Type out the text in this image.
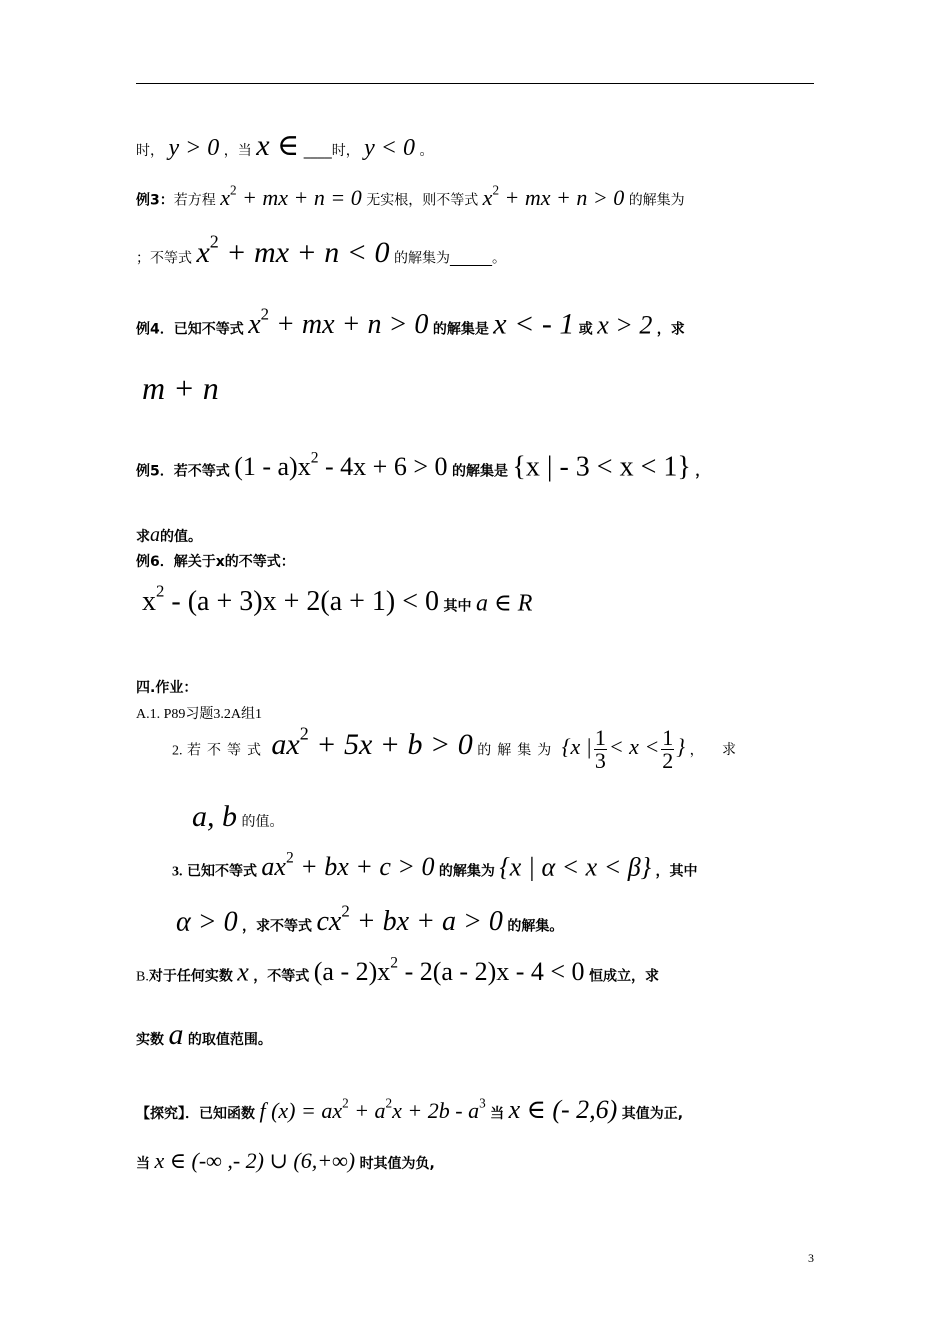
时， y > 0 ，当 x ∈ ____时， y < 0 。
例3：若方程 $x^2$ + mx + n = 0 无实根，则不等式 $x^2$ + mx + n > 0 的解集为
；不等式 $x^2$ + mx + n < 0 的解集为______。
例4．已知不等式 $x^2$ + mx + n > 0 的解集是 x < - 1 或 x > 2 ，求
m + n
例5．若不等式 $(1 - a)x^2 - 4x + 6 > 0$ 的解集是 {x | - 3 < x < 1} ，
求a的值。
例6．解关于x的不等式：
$x^2 - (a + 3)x + 2(a + 1) < 0$ 其中 a ∈ R
四.作业：
A.1. P89习题3.2A组1
2. 若不等式 $ax^2 + 5x + b > 0$ 的解集为 {x | $\frac{1}{3} < x < \frac{1}{2}$ } ， 求
a, b 的值。
3. 已知不等式 $ax^2$ + bx + c > 0 的解集为 {x | α < x < β} ，其中
α > 0 ，求不等式 $cx^2$ + bx + a > 0 的解集。
B.对于任何实数 x ，不等式 $(a - 2)x^2 - 2(a - 2)x - 4 < 0$ 恒成立，求
实数 a 的取值范围。
【探究】．已知函数 f $(x) = ax^2 + a^2x + 2b - a^3$ 当 x ∈ (- 2,6) 其值为正,
当 x ∈ (-∞ ,- 2) ∪ (6,+∞) 时其值为负,
3
